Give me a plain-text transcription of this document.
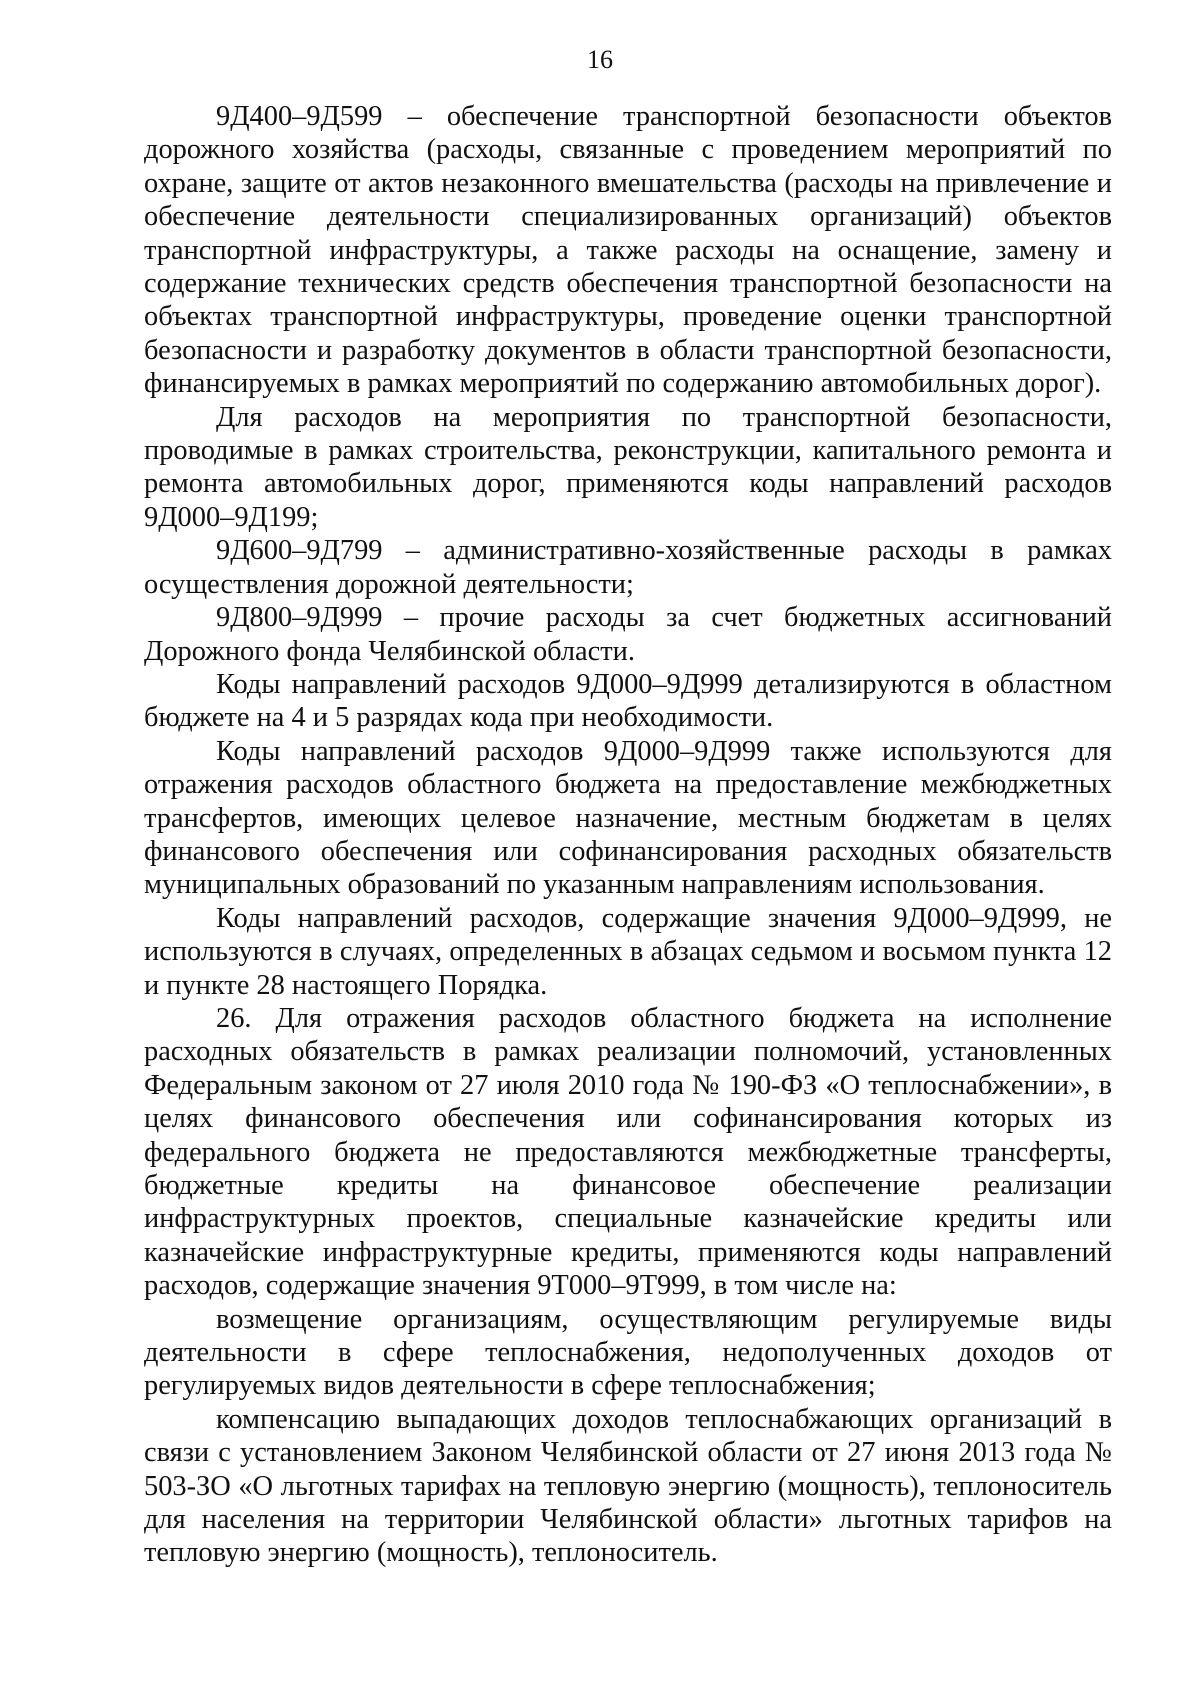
16

9Д400–9Д599 – обеспечение транспортной безопасности объектов дорожного хозяйства (расходы, связанные с проведением мероприятий по охране, защите от актов незаконного вмешательства (расходы на привлечение и обеспечение деятельности специализированных организаций) объектов транспортной инфраструктуры, а также расходы на оснащение, замену и содержание технических средств обеспечения транспортной безопасности на объектах транспортной инфраструктуры, проведение оценки транспортной безопасности и разработку документов в области транспортной безопасности, финансируемых в рамках мероприятий по содержанию автомобильных дорог).

Для расходов на мероприятия по транспортной безопасности, проводимые в рамках строительства, реконструкции, капитального ремонта и ремонта автомобильных дорог, применяются коды направлений расходов 9Д000–9Д199;

9Д600–9Д799 – административно-хозяйственные расходы в рамках осуществления дорожной деятельности;

9Д800–9Д999 – прочие расходы за счет бюджетных ассигнований Дорожного фонда Челябинской области.

Коды направлений расходов 9Д000–9Д999 детализируются в областном бюджете на 4 и 5 разрядах кода при необходимости.

Коды направлений расходов 9Д000–9Д999 также используются для отражения расходов областного бюджета на предоставление межбюджетных трансфертов, имеющих целевое назначение, местным бюджетам в целях финансового обеспечения или софинансирования расходных обязательств муниципальных образований по указанным направлениям использования.

Коды направлений расходов, содержащие значения 9Д000–9Д999, не используются в случаях, определенных в абзацах седьмом и восьмом пункта 12 и пункте 28 настоящего Порядка.

26. Для отражения расходов областного бюджета на исполнение расходных обязательств в рамках реализации полномочий, установленных Федеральным законом от 27 июля 2010 года № 190-ФЗ «О теплоснабжении», в целях финансового обеспечения или софинансирования которых из федерального бюджета не предоставляются межбюджетные трансферты, бюджетные кредиты на финансовое обеспечение реализации инфраструктурных проектов, специальные казначейские кредиты или казначейские инфраструктурные кредиты, применяются коды направлений расходов, содержащие значения 9Т000–9Т999, в том числе на:

возмещение организациям, осуществляющим регулируемые виды деятельности в сфере теплоснабжения, недополученных доходов от регулируемых видов деятельности в сфере теплоснабжения;

компенсацию выпадающих доходов теплоснабжающих организаций в связи с установлением Законом Челябинской области от 27 июня 2013 года № 503-ЗО «О льготных тарифах на тепловую энергию (мощность), теплоноситель для населения на территории Челябинской области» льготных тарифов на тепловую энергию (мощность), теплоноситель.
